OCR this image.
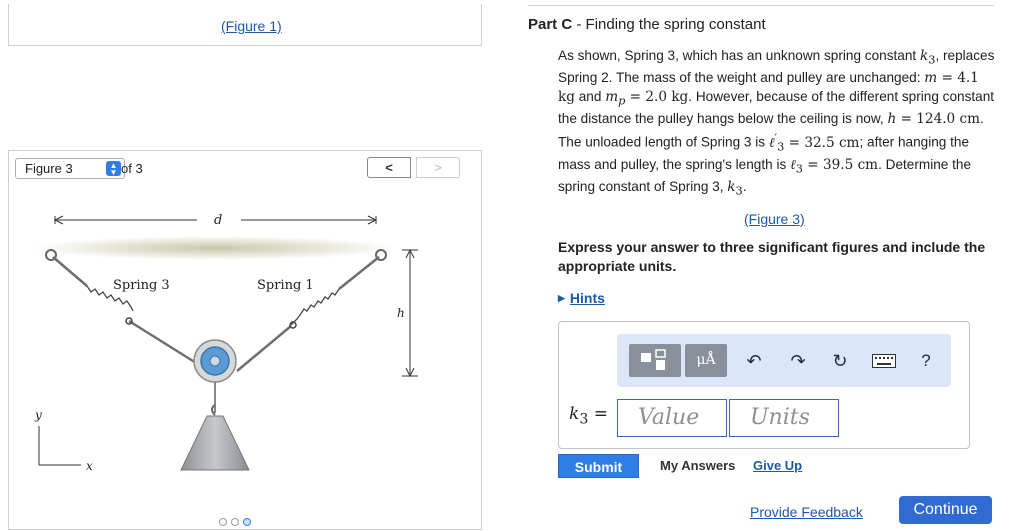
(Figure 1)
Figure 3	▲
▼ of 3	<	>
d
h
Spring 3	Spring 1
y
x
Part C - Finding the spring constant
As shown, Spring 3, which has an unknown spring constant $k_3$, replaces Spring 2. The mass of the weight and pulley are unchanged: m = 4.1 kg and $m_p = 2.0$ kg. However, because of the different spring constant the distance the pulley hangs below the ceiling is now, h = 124.0 cm. The unloaded length of Spring 3 is ℓ′$_3$ = 32.5 cm; after hanging the mass and pulley, the spring's length is ℓ$_3$ = 39.5 cm. Determine the spring constant of Spring 3, $k_3$.
(Figure 3)
Express your answer to three significant figures and include the appropriate units.
▶ Hints
μÅ	↶	↷	↻	?
$k_3$ =	Value	Units
Submit	My Answers Give Up
Provide Feedback	Continue
